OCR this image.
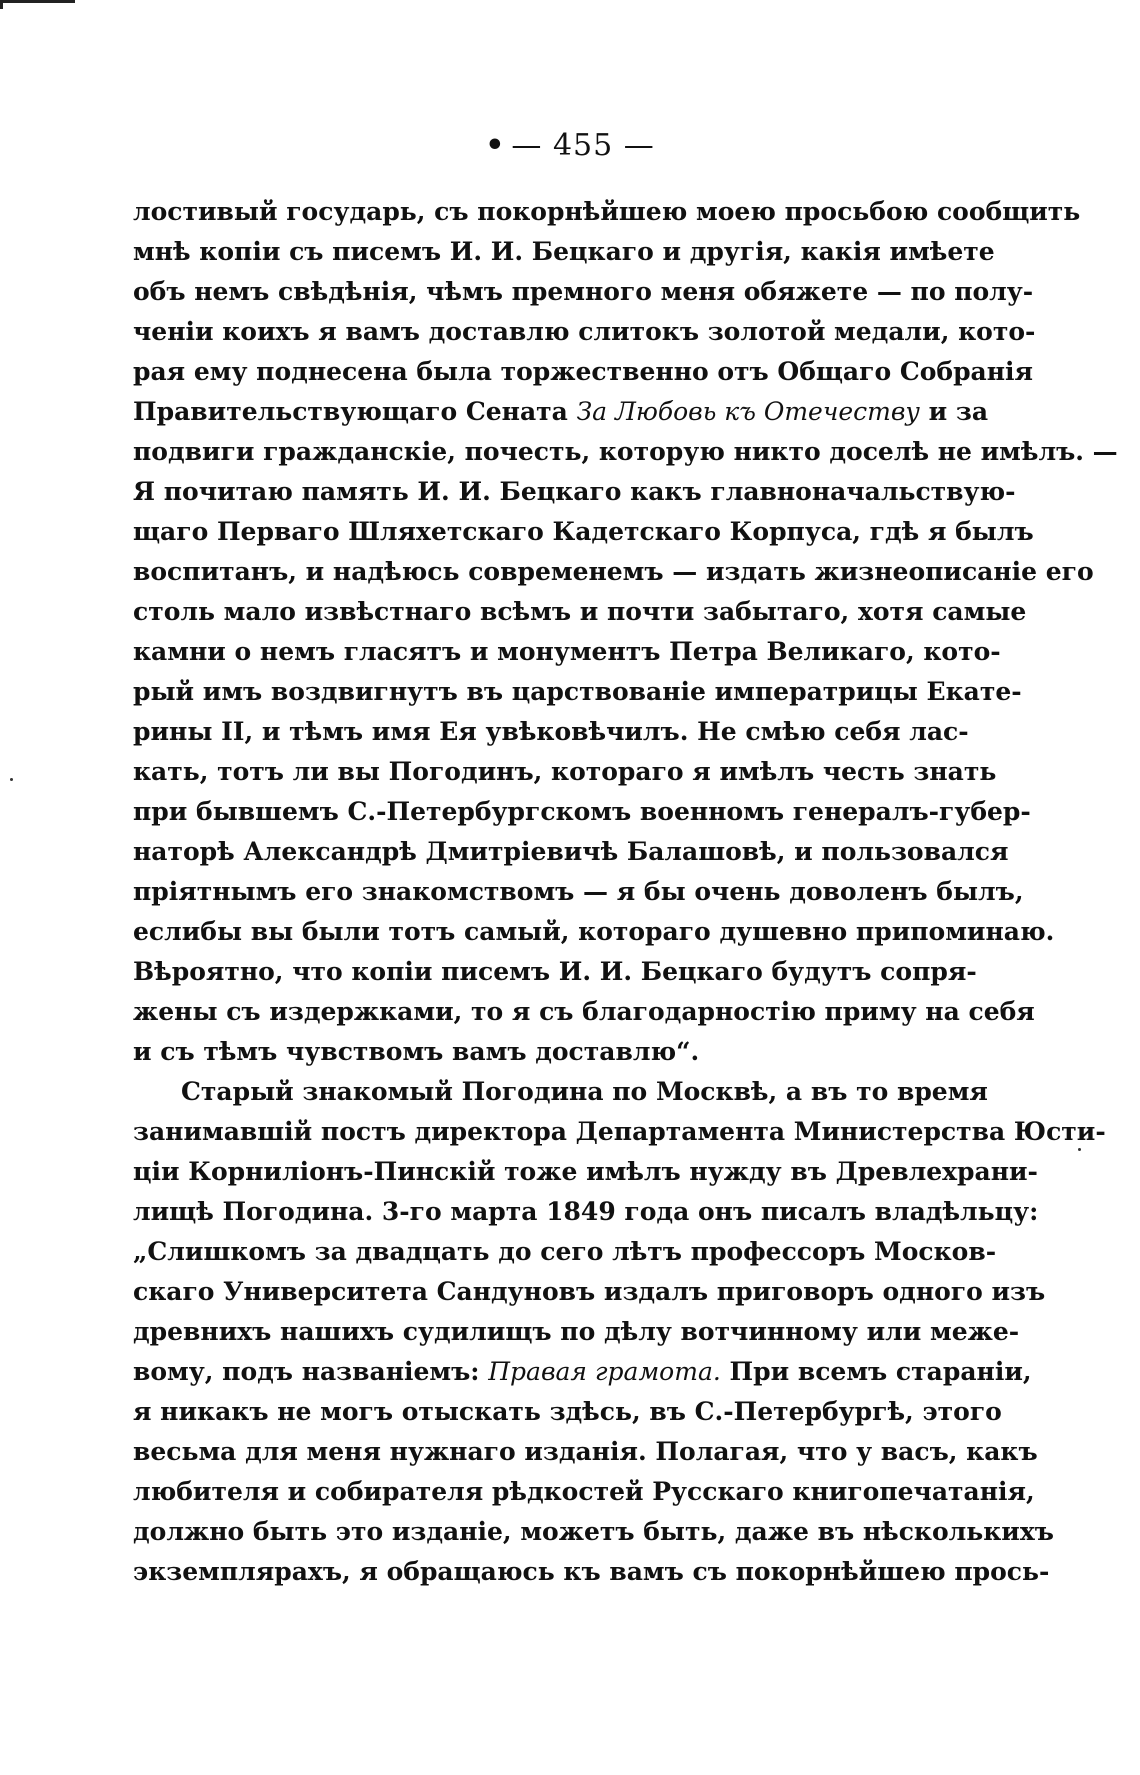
• — 455 —
лостивый государь, съ покорнѣйшею моею просьбою сообщить
мнѣ копіи съ писемъ И. И. Бецкаго и другія, какія имѣете
объ немъ свѣдѣнія, чѣмъ премного меня обяжете — по полу-
ченіи коихъ я вамъ доставлю слитокъ золотой медали, кото-
рая ему поднесена была торжественно отъ Общаго Собранія
Правительствующаго Сената За Любовь къ Отечеству и за
подвиги гражданскіе, почесть, которую никто доселѣ не имѣлъ. —
Я почитаю память И. И. Бецкаго какъ главноначальствую-
щаго Перваго Шляхетскаго Кадетскаго Корпуса, гдѣ я былъ
воспитанъ, и надѣюсь современемъ — издать жизнеописаніе его
столь мало извѣстнаго всѣмъ и почти забытаго, хотя самые
камни о немъ гласятъ и монументъ Петра Великаго, кото-
рый имъ воздвигнутъ въ царствованіе императрицы Екате-
рины II, и тѣмъ имя Ея увѣковѣчилъ. Не смѣю себя лас-
кать, тотъ ли вы Погодинъ, котораго я имѣлъ честь знать
при бывшемъ С.-Петербургскомъ военномъ генералъ-губер-
наторѣ Александрѣ Дмитріевичѣ Балашовѣ, и пользовался
пріятнымъ его знакомствомъ — я бы очень доволенъ былъ,
еслибы вы были тотъ самый, котораго душевно припоминаю.
Вѣроятно, что копіи писемъ И. И. Бецкаго будутъ сопря-
жены съ издержками, то я съ благодарностію приму на себя
и съ тѣмъ чувствомъ вамъ доставлю“.
Старый знакомый Погодина по Москвѣ, а въ то время
занимавшій постъ директора Департамента Министерства Юсти-
ціи Корниліонъ-Пинскій тоже имѣлъ нужду въ Древлехрани-
лищѣ Погодина. 3-го марта 1849 года онъ писалъ владѣльцу:
„Слишкомъ за двадцать до сего лѣтъ профессоръ Москов-
скаго Университета Сандуновъ издалъ приговоръ одного изъ
древнихъ нашихъ судилищъ по дѣлу вотчинному или меже-
вому, подъ названіемъ: Правая грамота. При всемъ стараніи,
я никакъ не могъ отыскать здѣсь, въ С.-Петербургѣ, этого
весьма для меня нужнаго изданія. Полагая, что у васъ, какъ
любителя и собирателя рѣдкостей Русскаго книгопечатанія,
должно быть это изданіе, можетъ быть, даже въ нѣсколькихъ
экземплярахъ, я обращаюсь къ вамъ съ покорнѣйшею прось-
